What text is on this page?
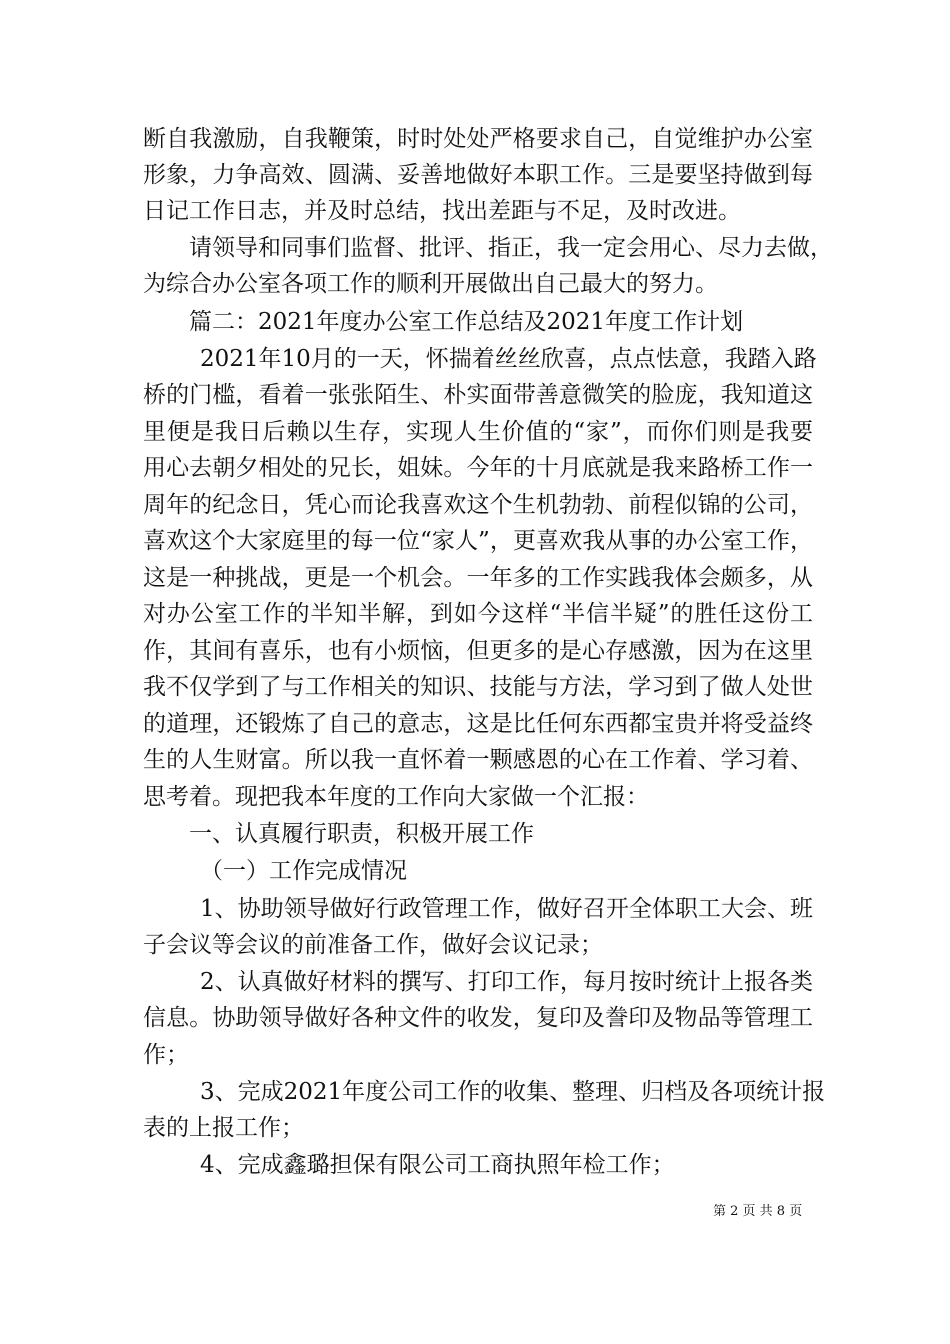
断自我激励，自我鞭策，时时处处严格要求自己，自觉维护办公室
形象，力争高效、圆满、妥善地做好本职工作。三是要坚持做到每
日记工作日志，并及时总结，找出差距与不足，及时改进。
请领导和同事们监督、批评、指正，我一定会用心、尽力去做，
为综合办公室各项工作的顺利开展做出自己最大的努力。
篇二：2021年度办公室工作总结及2021年度工作计划
2021年10月的一天，怀揣着丝丝欣喜，点点怯意，我踏入路
桥的门槛，看着一张张陌生、朴实面带善意微笑的脸庞，我知道这
里便是我日后赖以生存，实现人生价值的“家”，而你们则是我要
用心去朝夕相处的兄长，姐妹。今年的十月底就是我来路桥工作一
周年的纪念日，凭心而论我喜欢这个生机勃勃、前程似锦的公司，
喜欢这个大家庭里的每一位“家人”，更喜欢我从事的办公室工作，
这是一种挑战，更是一个机会。一年多的工作实践我体会颇多，从
对办公室工作的半知半解，到如今这样“半信半疑”的胜任这份工
作，其间有喜乐，也有小烦恼，但更多的是心存感激，因为在这里
我不仅学到了与工作相关的知识、技能与方法，学习到了做人处世
的道理，还锻炼了自己的意志，这是比任何东西都宝贵并将受益终
生的人生财富。所以我一直怀着一颗感恩的心在工作着、学习着、
思考着。现把我本年度的工作向大家做一个汇报：
一、认真履行职责，积极开展工作
（一）工作完成情况
1、协助领导做好行政管理工作，做好召开全体职工大会、班
子会议等会议的前准备工作，做好会议记录；
2、认真做好材料的撰写、打印工作，每月按时统计上报各类
信息。协助领导做好各种文件的收发，复印及誊印及物品等管理工
作；
3、完成2021年度公司工作的收集、整理、归档及各项统计报
表的上报工作；
4、完成鑫璐担保有限公司工商执照年检工作；
第 2 页 共 8 页
